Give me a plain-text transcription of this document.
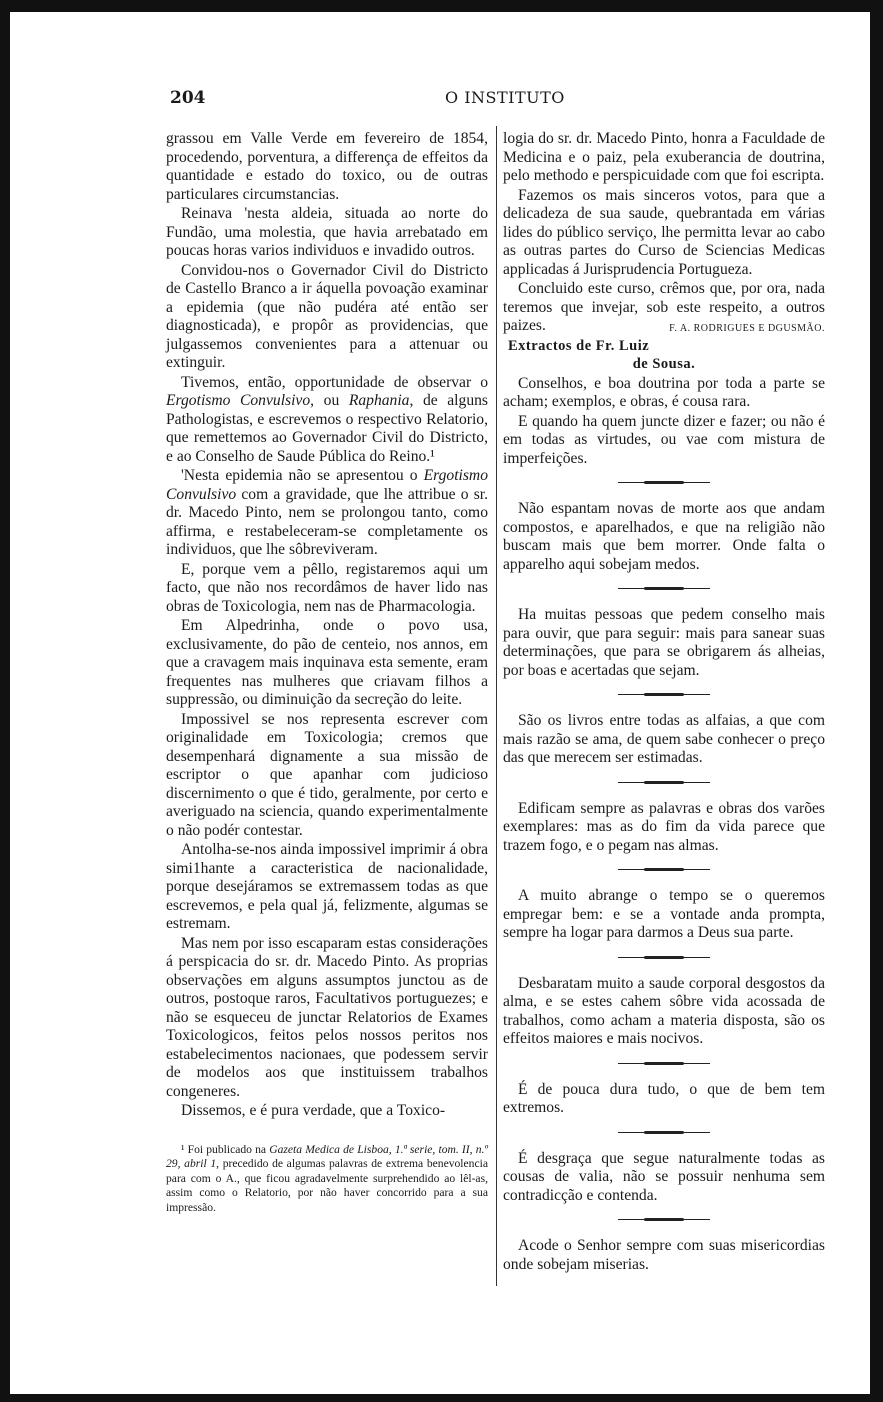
204	O INSTITUTO

grassou em Valle Verde em fevereiro de 1854, procedendo, porventura, a differença de effeitos da quantidade e estado do toxico, ou de outras particulares circumstancias.

Reinava 'nesta aldeia, situada ao norte do Fundão, uma molestia, que havia arrebatado em poucas horas varios individuos e invadido outros.

Convidou-nos o Governador Civil do Districto de Castello Branco a ir áquella povoação examinar a epidemia (que não pudéra até então ser diagnosticada), e propôr as providencias, que julgassemos convenientes para a attenuar ou extinguir.

Tivemos, então, opportunidade de observar o Ergotismo Convulsivo, ou Raphania, de alguns Pathologistas, e escrevemos o respectivo Relatorio, que remettemos ao Governador Civil do Districto, e ao Conselho de Saude Pública do Reino.¹

'Nesta epidemia não se apresentou o Ergotismo Convulsivo com a gravidade, que lhe attribue o sr. dr. Macedo Pinto, nem se prolongou tanto, como affirma, e restabeleceram-se completamente os individuos, que lhe sôbreviveram.

E, porque vem a pêllo, registaremos aqui um facto, que não nos recordâmos de haver lido nas obras de Toxicologia, nem nas de Pharmacologia.

Em Alpedrinha, onde o povo usa, exclusivamente, do pão de centeio, nos annos, em que a cravagem mais inquinava esta semente, eram frequentes nas mulheres que criavam filhos a suppressão, ou diminuição da secreção do leite.

Impossivel se nos representa escrever com originalidade em Toxicologia; cremos que desempenhará dignamente a sua missão de escriptor o que apanhar com judicioso discernimento o que é tido, geralmente, por certo e averiguado na sciencia, quando experimentalmente o não podér contestar.

Antolha-se-nos ainda impossivel imprimir á obra simi1hante a caracteristica de nacionalidade, porque desejáramos se extremassem todas as que escrevemos, e pela qual já, felizmente, algumas se estremam.

Mas nem por isso escaparam estas considerações á perspicacia do sr. dr. Macedo Pinto. As proprias observações em alguns assumptos junctou as de outros, postoque raros, Facultativos portuguezes; e não se esqueceu de junctar Relatorios de Exames Toxicologicos, feitos pelos nossos peritos nos estabelecimentos nacionaes, que podessem servir de modelos aos que instituissem trabalhos congeneres.

Dissemos, e é pura verdade, que a Toxico-

¹ Foi publicado na Gazeta Medica de Lisboa, 1.ª serie, tom. II, n.º 29, abril 1, precedido de algumas palavras de extrema benevolencia para com o A., que ficou agradavelmente surprehendido ao lêl-as, assim como o Relatorio, por não haver concorrido para a sua impressão.

logia do sr. dr. Macedo Pinto, honra a Faculdade de Medicina e o paiz, pela exuberancia de doutrina, pelo methodo e perspicuidade com que foi escripta.

Fazemos os mais sinceros votos, para que a delicadeza de sua saude, quebrantada em várias lides do público serviço, lhe permitta levar ao cabo as outras partes do Curso de Sciencias Medicas applicadas á Jurisprudencia Portugueza.

Concluido este curso, crêmos que, por ora, nada teremos que invejar, sob este respeito, a outros paizes.	F. A. RODRIGUES E DGUSMÃO.

Extractos de Fr. Luiz de Sousa.

Conselhos, e boa doutrina por toda a parte se acham; exemplos, e obras, é cousa rara.

E quando ha quem juncte dizer e fazer; ou não é em todas as virtudes, ou vae com mistura de imperfeições.

Não espantam novas de morte aos que andam compostos, e aparelhados, e que na religião não buscam mais que bem morrer. Onde falta o apparelho aqui sobejam medos.

Ha muitas pessoas que pedem conselho mais para ouvir, que para seguir: mais para sanear suas determinações, que para se obrigarem ás alheias, por boas e acertadas que sejam.

São os livros entre todas as alfaias, a que com mais razão se ama, de quem sabe conhecer o preço das que merecem ser estimadas.

Edificam sempre as palavras e obras dos varões exemplares: mas as do fim da vida parece que trazem fogo, e o pegam nas almas.

A muito abrange o tempo se o queremos empregar bem: e se a vontade anda prompta, sempre ha logar para darmos a Deus sua parte.

Desbaratam muito a saude corporal desgostos da alma, e se estes cahem sôbre vida acossada de trabalhos, como acham a materia disposta, são os effeitos maiores e mais nocivos.

É de pouca dura tudo, o que de bem tem extremos.

É desgraça que segue naturalmente todas as cousas de valia, não se possuir nenhuma sem contradicção e contenda.

Acode o Senhor sempre com suas misericordias onde sobejam miserias.
